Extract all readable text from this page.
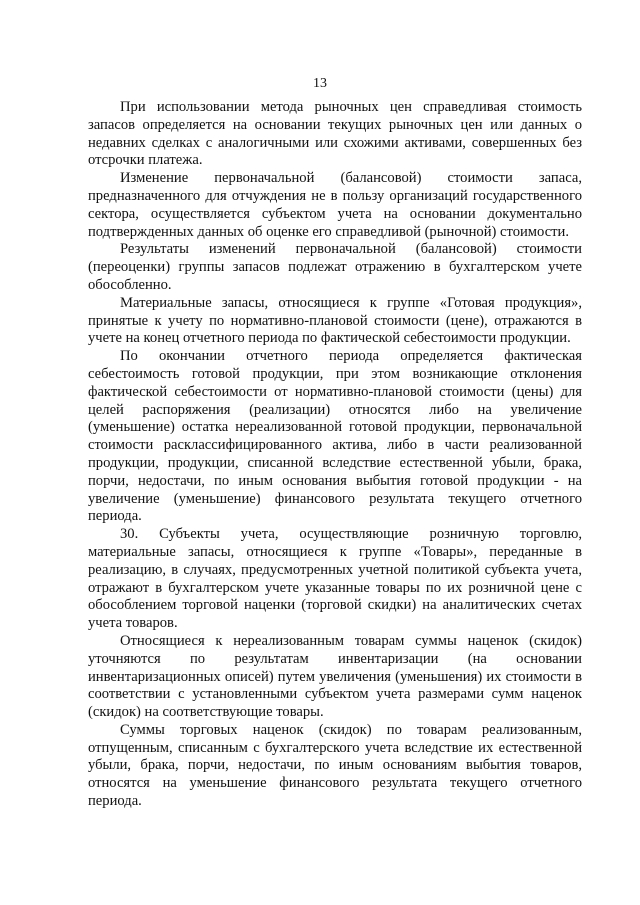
13

При использовании метода рыночных цен справедливая стоимость запасов определяется на основании текущих рыночных цен или данных о недавних сделках с аналогичными или схожими активами, совершенных без отсрочки платежа.

Изменение первоначальной (балансовой) стоимости запаса, предназначенного для отчуждения не в пользу организаций государственного сектора, осуществляется субъектом учета на основании документально подтвержденных данных об оценке его справедливой (рыночной) стоимости.

Результаты изменений первоначальной (балансовой) стоимости (переоценки) группы запасов подлежат отражению в бухгалтерском учете обособленно.

Материальные запасы, относящиеся к группе «Готовая продукция», принятые к учету по нормативно-плановой стоимости (цене), отражаются в учете на конец отчетного периода по фактической себестоимости продукции.

По окончании отчетного периода определяется фактическая себестоимость готовой продукции, при этом возникающие отклонения фактической себестоимости от нормативно-плановой стоимости (цены) для целей распоряжения (реализации) относятся либо на увеличение (уменьшение) остатка нереализованной готовой продукции, первоначальной стоимости расклассифицированного актива, либо в части реализованной продукции, продукции, списанной вследствие естественной убыли, брака, порчи, недостачи, по иным основания выбытия готовой продукции - на увеличение (уменьшение) финансового результата текущего отчетного периода.

30. Субъекты учета, осуществляющие розничную торговлю, материальные запасы, относящиеся к группе «Товары», переданные в реализацию, в случаях, предусмотренных учетной политикой субъекта учета, отражают в бухгалтерском учете указанные товары по их розничной цене с обособлением торговой наценки (торговой скидки) на аналитических счетах учета товаров.

Относящиеся к нереализованным товарам суммы наценок (скидок) уточняются по результатам инвентаризации (на основании инвентаризационных описей) путем увеличения (уменьшения) их стоимости в соответствии с установленными субъектом учета размерами сумм наценок (скидок) на соответствующие товары.

Суммы торговых наценок (скидок) по товарам реализованным, отпущенным, списанным с бухгалтерского учета вследствие их естественной убыли, брака, порчи, недостачи, по иным основаниям выбытия товаров, относятся на уменьшение финансового результата текущего отчетного периода.
